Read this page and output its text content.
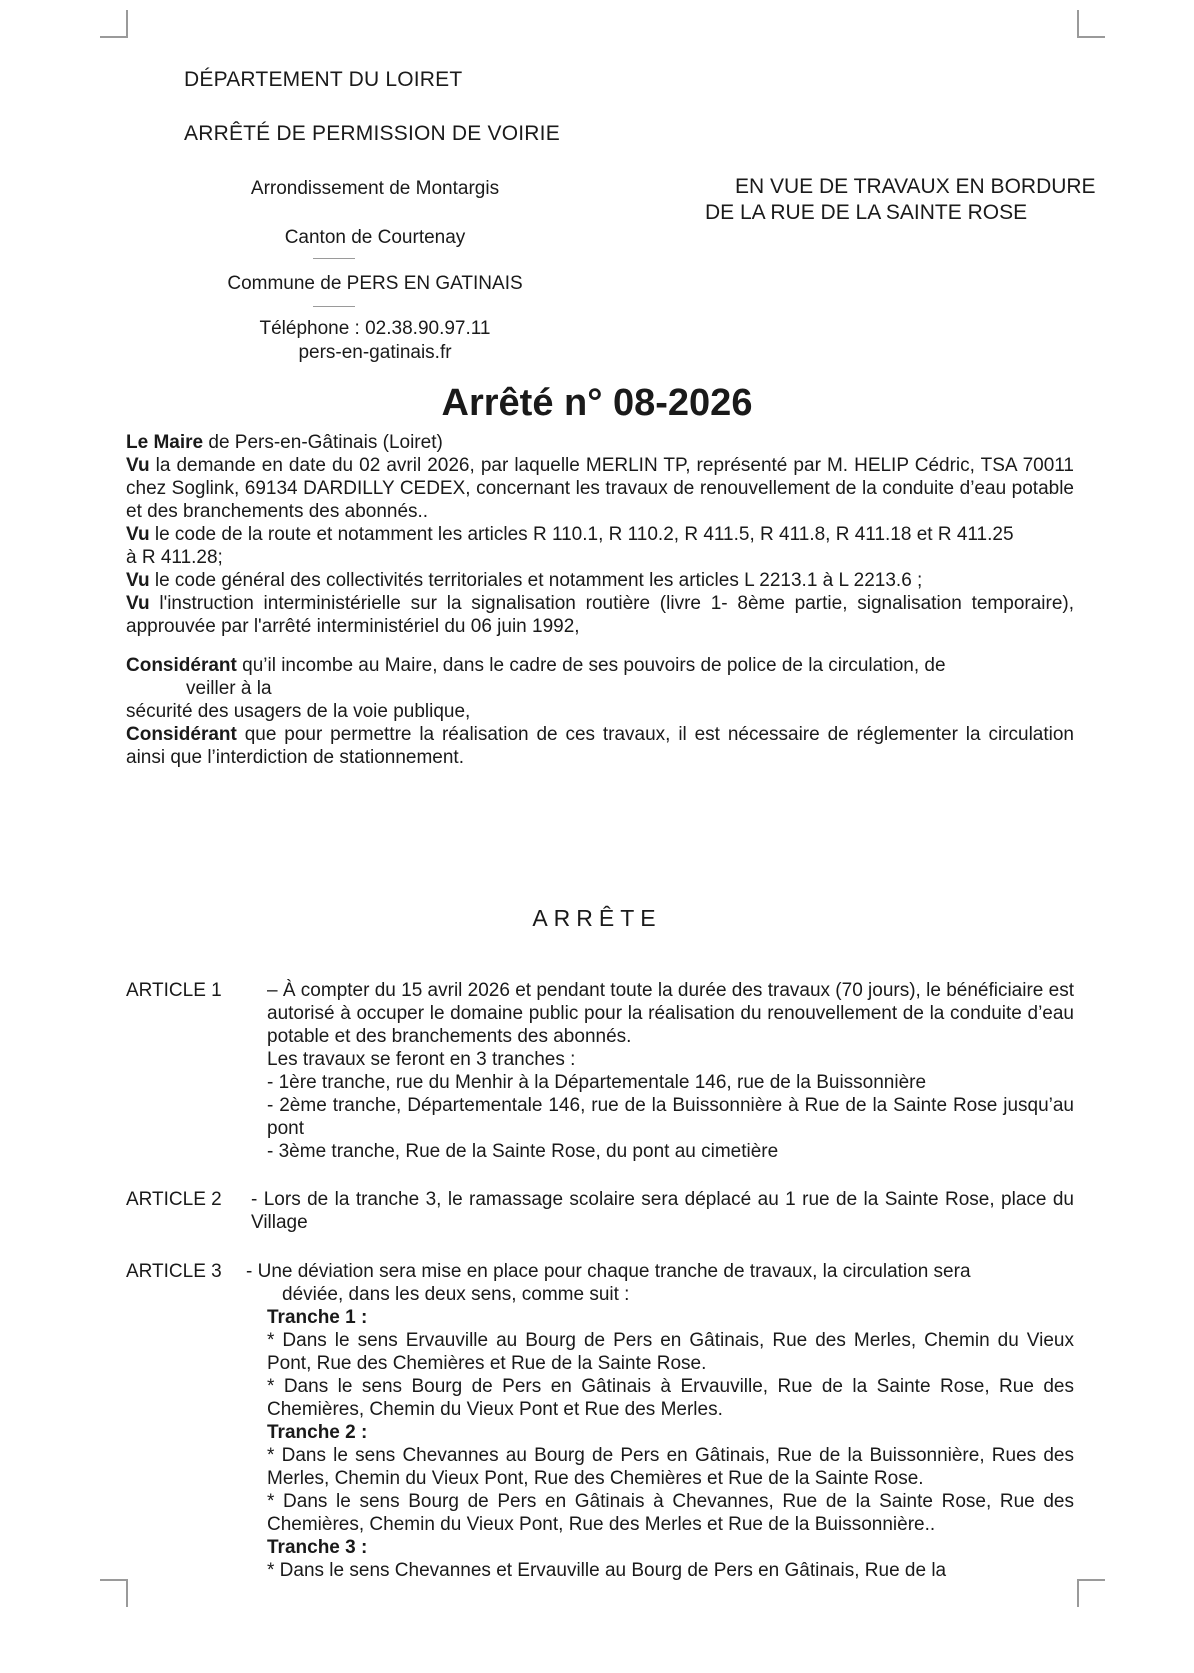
DÉPARTEMENT DU LOIRET
ARRÊTÉ DE PERMISSION DE VOIRIE
Arrondissement de Montargis
Canton de Courtenay
Commune de PERS EN GATINAIS
Téléphone : 02.38.90.97.11
pers-en-gatinais.fr
EN VUE DE TRAVAUX EN BORDURE
DE LA RUE DE LA SAINTE ROSE
Arrêté n° 08-2026

Le Maire de Pers-en-Gâtinais (Loiret)

Vu la demande en date du 02 avril 2026, par laquelle MERLIN TP, représenté par M. HELIP Cédric, TSA 70011 chez Soglink, 69134 DARDILLY CEDEX, concernant les travaux de renouvellement de la conduite d’eau potable et des branchements des abonnés..

Vu le code de la route et notamment les articles R 110.1, R 110.2, R 411.5, R 411.8, R 411.18 et R 411.25

à R 411.28;

Vu le code général des collectivités territoriales et notamment les articles L 2213.1 à L 2213.6 ;

Vu l'instruction interministérielle sur la signalisation routière (livre 1- 8ème partie, signalisation temporaire), approuvée par l'arrêté interministériel du 06 juin 1992,

Considérant qu’il incombe au Maire, dans le cadre de ses pouvoirs de police de la circulation, de

veiller à la

sécurité des usagers de la voie publique,

Considérant que pour permettre la réalisation de ces travaux, il est nécessaire de réglementer la circulation ainsi que l’interdiction de stationnement.

ARRÊTE
ARTICLE 1 – À compter du 15 avril 2026 et pendant toute la durée des travaux (70 jours), le bénéficiaire est autorisé à occuper le domaine public pour la réalisation du renouvellement de la conduite d’eau potable et des branchements des abonnés.

Les travaux se feront en 3 tranches :

- 1ère tranche, rue du Menhir à la Départementale 146, rue de la Buissonnière

- 2ème tranche, Départementale 146, rue de la Buissonnière à Rue de la Sainte Rose jusqu’au pont

- 3ème tranche, Rue de la Sainte Rose, du pont au cimetière

ARTICLE 2 - Lors de la tranche 3, le ramassage scolaire sera déplacé au 1 rue de la Sainte Rose, place du Village

ARTICLE 3 - Une déviation sera mise en place pour chaque tranche de travaux, la circulation sera

déviée, dans les deux sens, comme suit :

Tranche 1 :

* Dans le sens Ervauville au Bourg de Pers en Gâtinais, Rue des Merles, Chemin du Vieux Pont, Rue des Chemières et Rue de la Sainte Rose.

* Dans le sens Bourg de Pers en Gâtinais à Ervauville, Rue de la Sainte Rose, Rue des Chemières, Chemin du Vieux Pont et Rue des Merles.

Tranche 2 :

* Dans le sens Chevannes au Bourg de Pers en Gâtinais, Rue de la Buissonnière, Rues des Merles, Chemin du Vieux Pont, Rue des Chemières et Rue de la Sainte Rose.

* Dans le sens Bourg de Pers en Gâtinais à Chevannes, Rue de la Sainte Rose, Rue des Chemières, Chemin du Vieux Pont, Rue des Merles et Rue de la Buissonnière..

Tranche 3 :

* Dans le sens Chevannes et Ervauville au Bourg de Pers en Gâtinais, Rue de la
